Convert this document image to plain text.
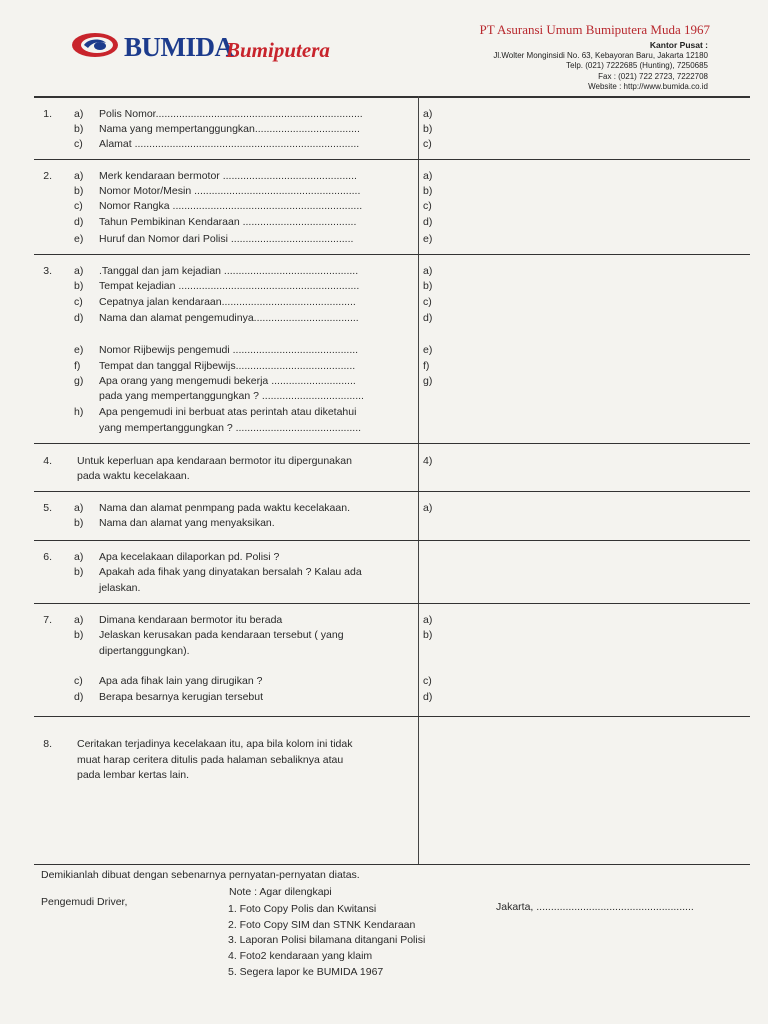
BUMIDA
Bumiputera
PT Asuransi Umum Bumiputera Muda 1967
Kantor Pusat :
Jl.Wolter Monginsidi No. 63, Kebayoran Baru, Jakarta 12180
Telp. (021) 7222685 (Hunting), 7250685
Fax : (021) 722 2723, 7222708
Website : http://www.bumida.co.id
1. a) Polis Nomor.......................................................................	a)
b) Nama yang mempertanggungkan....................................	b)
c) Alamat .............................................................................	c)
2. a) Merk kendaraan bermotor ..............................................	a)
b) Nomor Motor/Mesin .........................................................	b)
c) Nomor Rangka .................................................................	c)
d) Tahun Pembikinan Kendaraan .......................................	d)
e) Huruf dan Nomor dari Polisi ..........................................	e)
3. a) .Tanggal dan jam kejadian ..............................................	a)
b) Tempat kejadian ..............................................................	b)
c) Cepatnya jalan kendaraan..............................................	c)
d) Nama dan alamat pengemudinya....................................	d)
e) Nomor Rijbewijs pengemudi ...........................................	e)
f) Tempat dan tanggal Rijbewijs.........................................	f)
g) Apa orang yang mengemudi bekerja .............................	g)
pada yang mempertanggungkan ? ...................................
h) Apa pengemudi ini berbuat atas perintah atau diketahui
yang mempertanggungkan ? ...........................................
4. Untuk keperluan apa kendaraan bermotor itu dipergunakan	4)
pada waktu kecelakaan.
5. a) Nama dan alamat penmpang pada waktu kecelakaan.	a)
b) Nama dan alamat yang menyaksikan.
6. a) Apa kecelakaan dilaporkan pd. Polisi ?
b) Apakah ada fihak yang dinyatakan bersalah ? Kalau ada
jelaskan.
7. a) Dimana kendaraan bermotor itu berada	a)
b) Jelaskan kerusakan pada kendaraan tersebut ( yang	b)
dipertanggungkan).
c) Apa ada fihak lain yang dirugikan ?	c)
d) Berapa besarnya kerugian tersebut	d)
8. Ceritakan terjadinya kecelakaan itu, apa bila kolom ini tidak
muat harap ceritera ditulis pada halaman sebaliknya atau
pada lembar kertas lain.
Demikianlah dibuat dengan sebenarnya pernyatan-pernyatan diatas.
Pengemudi Driver,
Note : Agar dilengkapi
1. Foto Copy Polis dan Kwitansi
2. Foto Copy SIM dan STNK Kendaraan
3. Laporan Polisi bilamana ditangani Polisi
4. Foto2 kendaraan yang klaim
5. Segera lapor ke BUMIDA 1967
Jakarta, ......................................................
